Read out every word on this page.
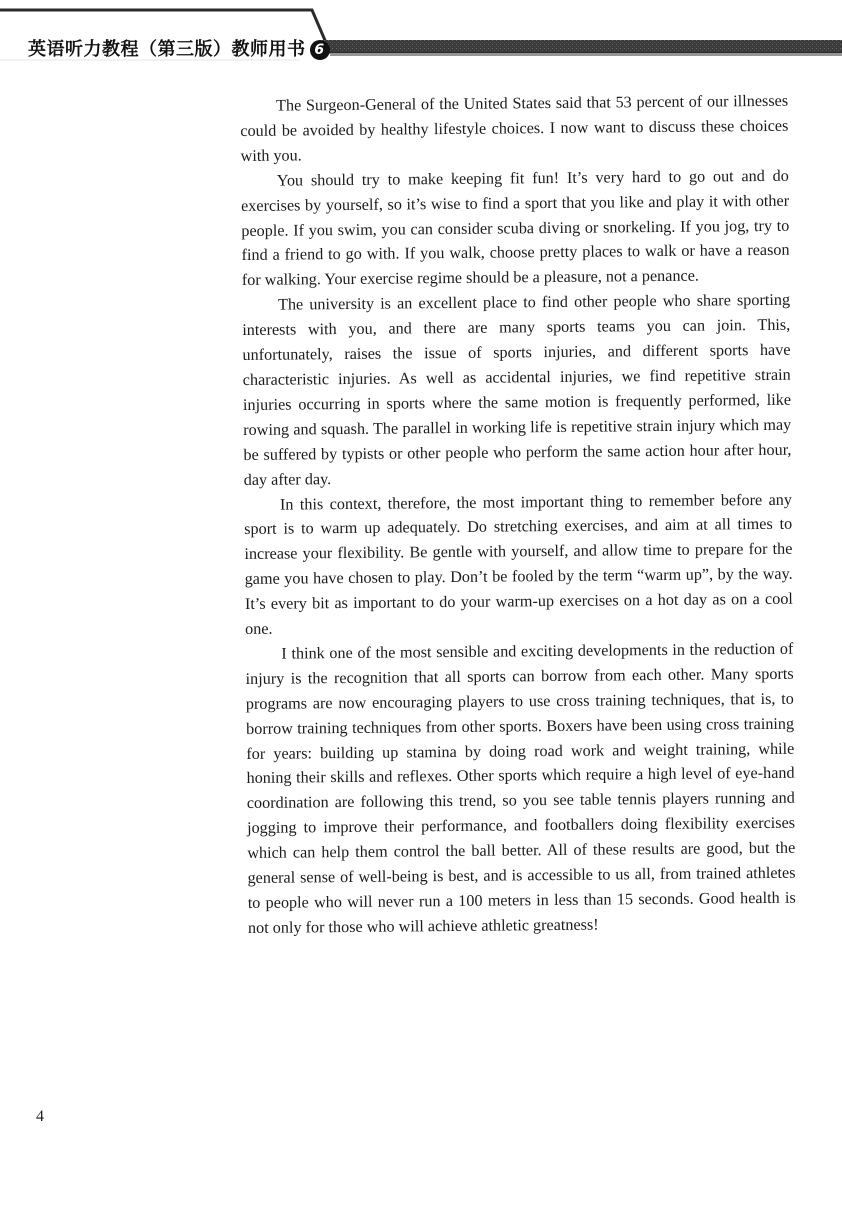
英语听力教程（第三版）教师用书 6

The Surgeon-General of the United States said that 53 percent of our illnesses could be avoided by healthy lifestyle choices. I now want to discuss these choices with you.

You should try to make keeping fit fun! It’s very hard to go out and do exercises by yourself, so it’s wise to find a sport that you like and play it with other people. If you swim, you can consider scuba diving or snorkeling. If you jog, try to find a friend to go with. If you walk, choose pretty places to walk or have a reason for walking. Your exercise regime should be a pleasure, not a penance.

The university is an excellent place to find other people who share sporting interests with you, and there are many sports teams you can join. This, unfortunately, raises the issue of sports injuries, and different sports have characteristic injuries. As well as accidental injuries, we find repetitive strain injuries occurring in sports where the same motion is frequently performed, like rowing and squash. The parallel in working life is repetitive strain injury which may be suffered by typists or other people who perform the same action hour after hour, day after day.

In this context, therefore, the most important thing to remember before any sport is to warm up adequately. Do stretching exercises, and aim at all times to increase your flexibility. Be gentle with yourself, and allow time to prepare for the game you have chosen to play. Don’t be fooled by the term “warm up”, by the way. It’s every bit as important to do your warm-up exercises on a hot day as on a cool one.

I think one of the most sensible and exciting developments in the reduction of injury is the recognition that all sports can borrow from each other. Many sports programs are now encouraging players to use cross training techniques, that is, to borrow training techniques from other sports. Boxers have been using cross training for years: building up stamina by doing road work and weight training, while honing their skills and reflexes. Other sports which require a high level of eye-hand coordination are following this trend, so you see table tennis players running and jogging to improve their performance, and footballers doing flexibility exercises which can help them control the ball better. All of these results are good, but the general sense of well-being is best, and is accessible to us all, from trained athletes to people who will never run a 100 meters in less than 15 seconds. Good health is not only for those who will achieve athletic greatness!

4
